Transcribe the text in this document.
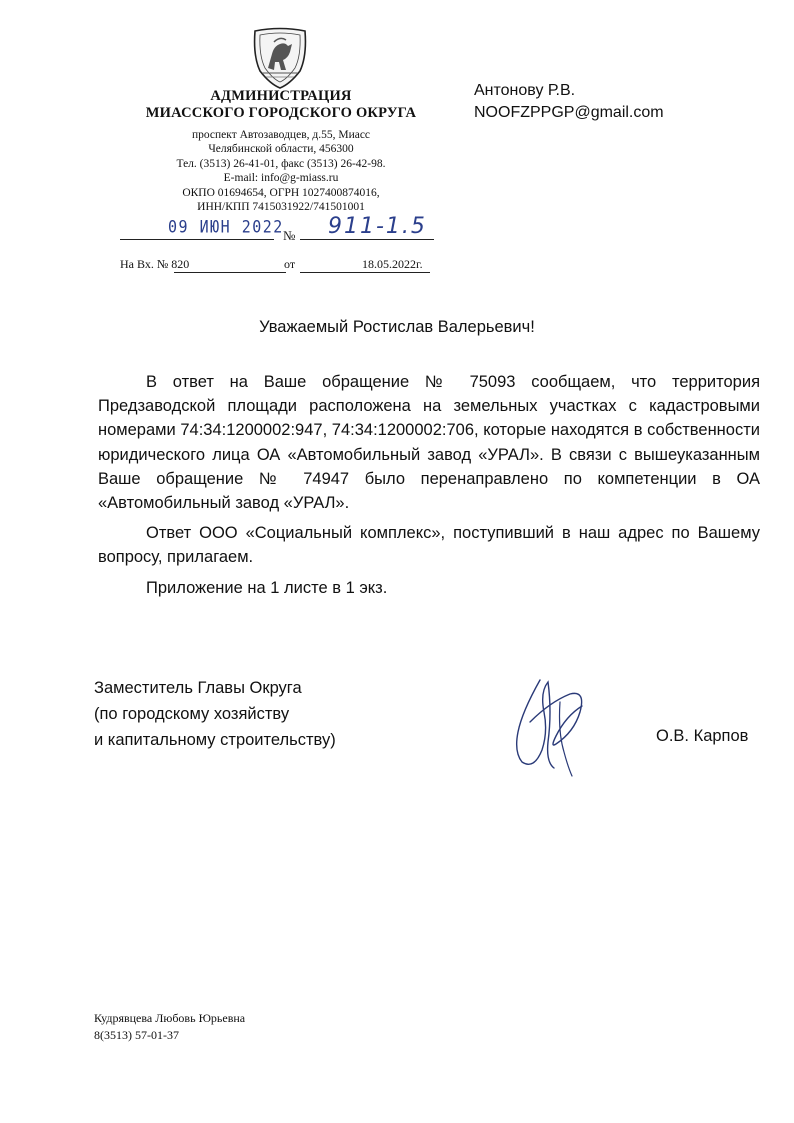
АДМИНИСТРАЦИЯ
МИАССКОГО ГОРОДСКОГО ОКРУГА
проспект Автозаводцев, д.55, Миасс
Челябинской области, 456300
Тел. (3513) 26-41-01, факс (3513) 26-42-98.
E-mail: info@g-miass.ru
ОКПО 01694654, ОГРН 1027400874016,
ИНН/КПП 7415031922/741501001
Антонову Р.В.
NOOFZPPGP@gmail.com
09 ИЮН 2022 № 911-1.5
На Вх. № 820	от	18.05.2022г.
Уважаемый Ростислав Валерьевич!

В ответ на Ваше обращение № 75093 сообщаем, что территория Предзаводской площади расположена на земельных участках с кадастровыми номерами 74:34:1200002:947, 74:34:1200002:706, которые находятся в собственности юридического лица ОА «Автомобильный завод «УРАЛ». В связи с вышеуказанным Ваше обращение № 74947 было перенаправлено по компетенции в ОА «Автомобильный завод «УРАЛ».

Ответ ООО «Социальный комплекс», поступивший в наш адрес по Вашему вопросу, прилагаем.

Приложение на 1 листе в 1 экз.

Заместитель Главы Округа
(по городскому хозяйству
и капитальному строительству)	О.В. Карпов
Кудрявцева Любовь Юрьевна
8(3513) 57-01-37
